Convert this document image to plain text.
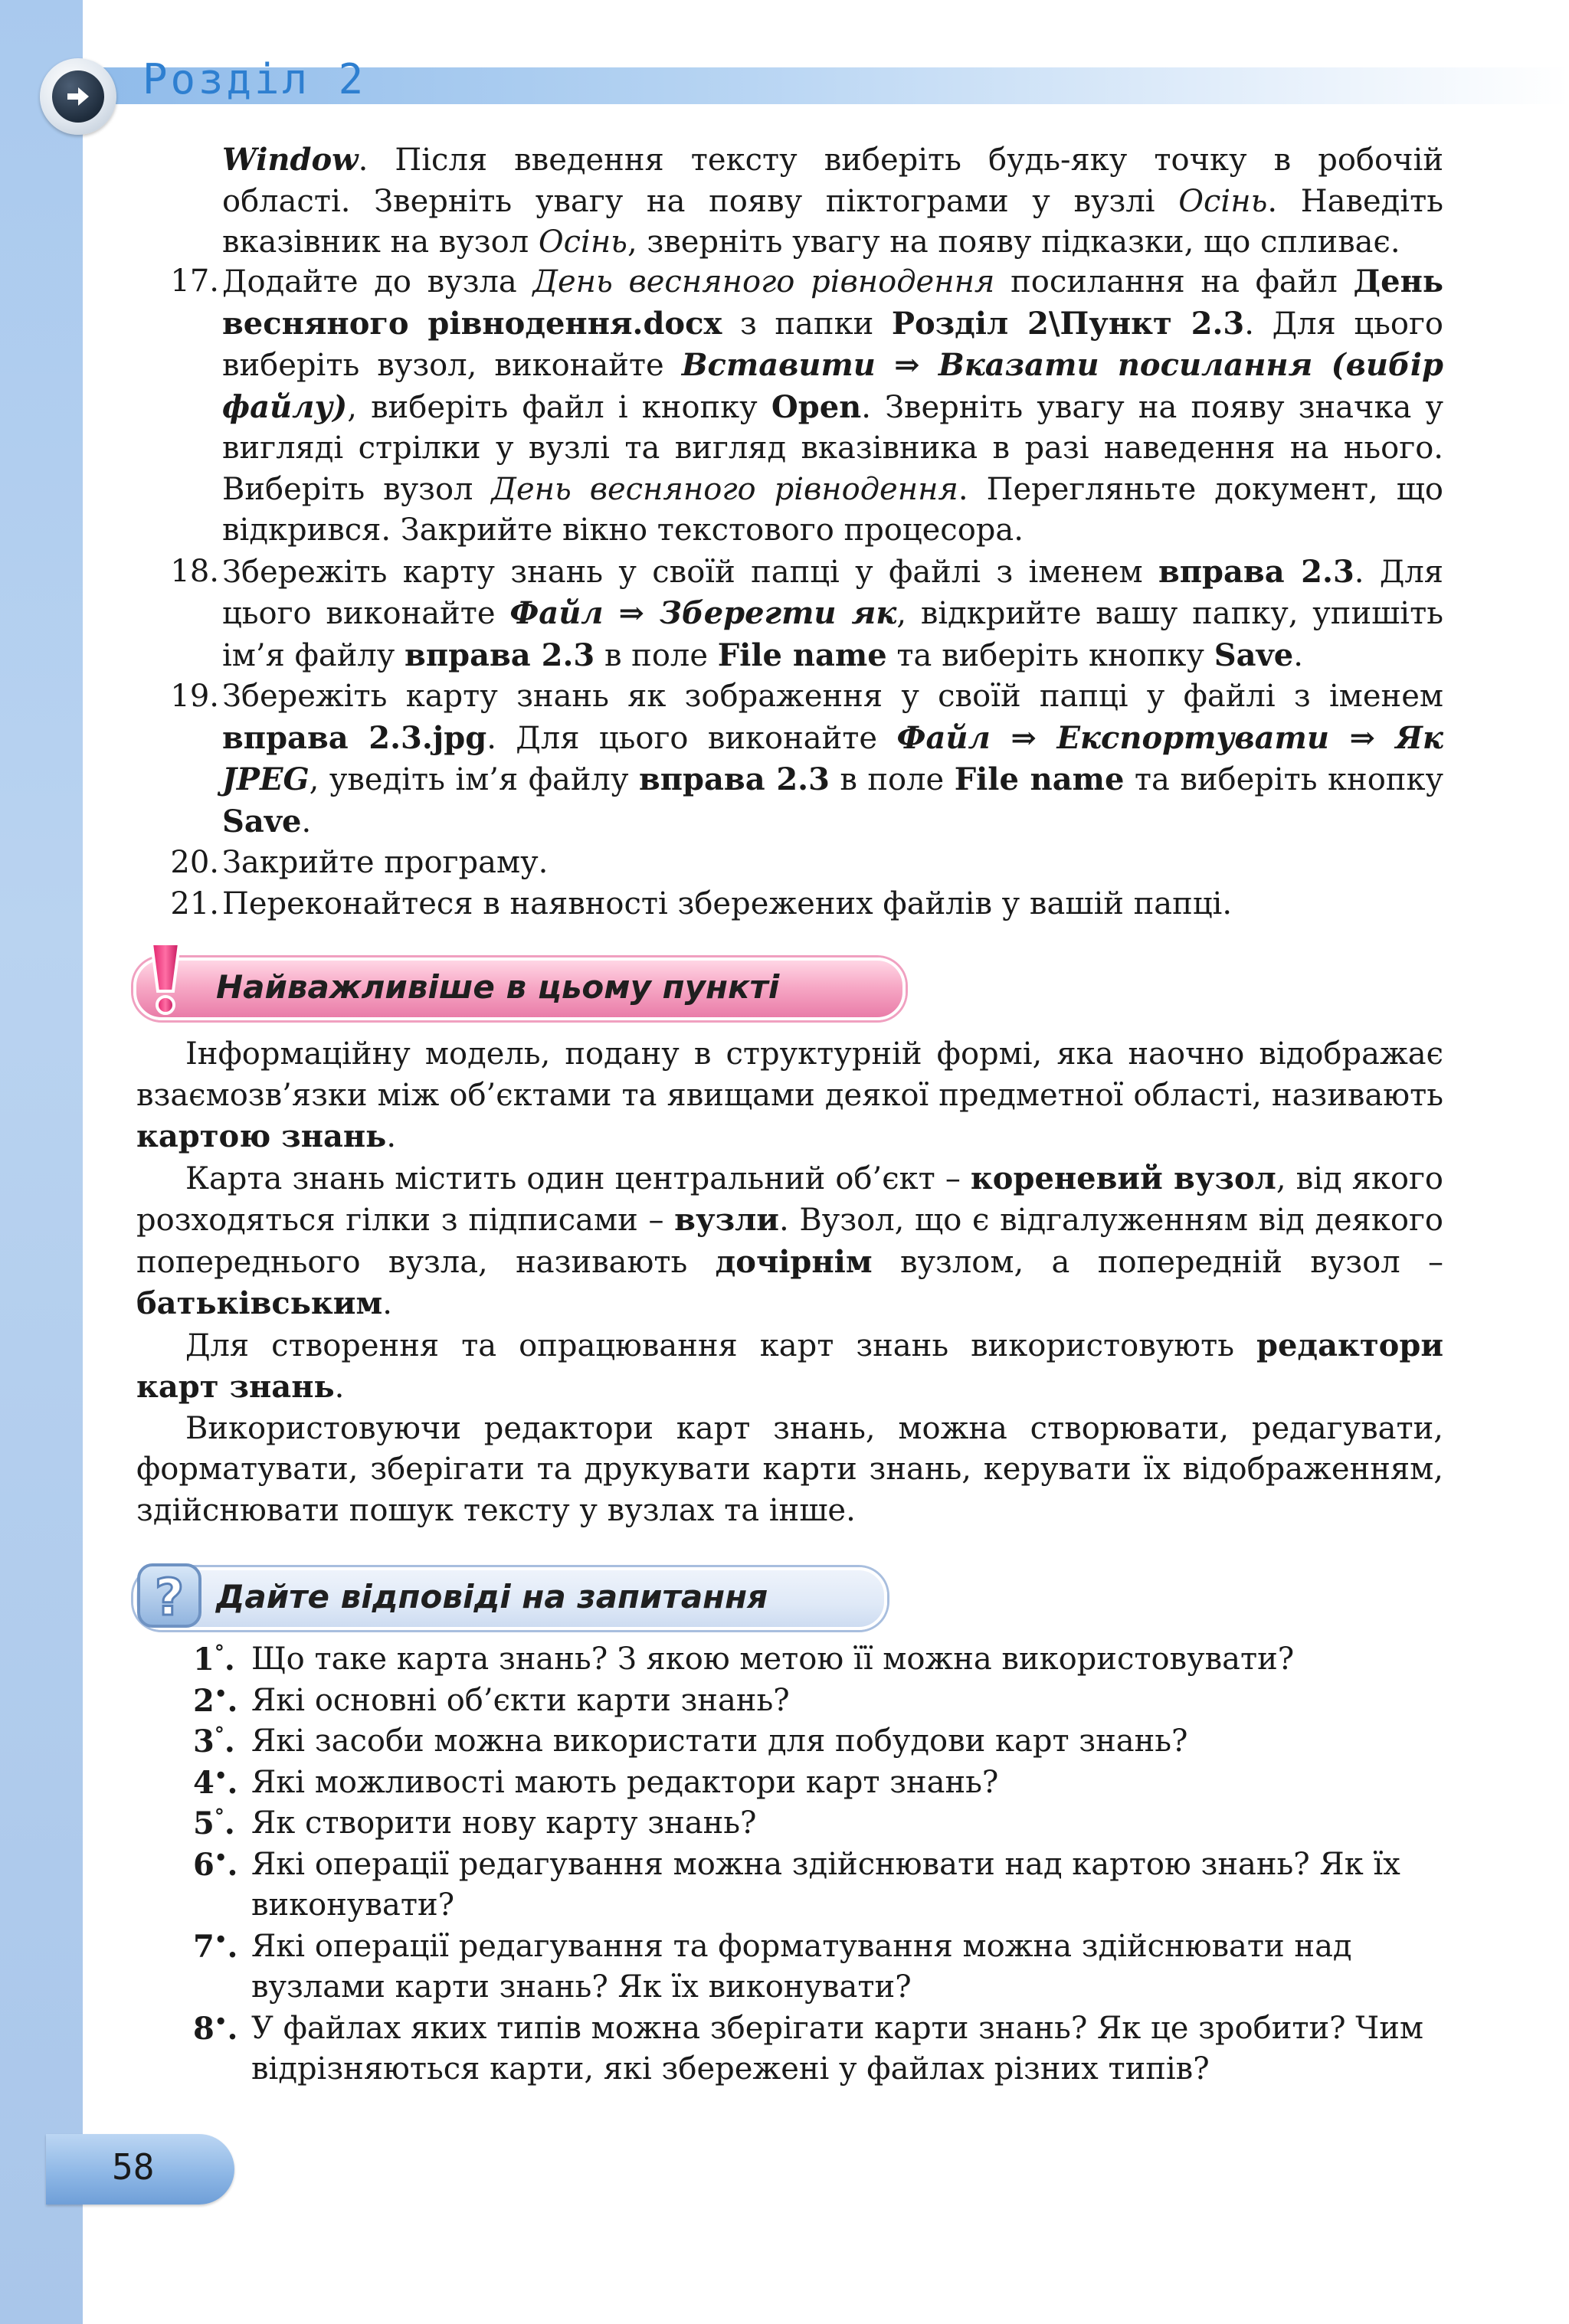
Розділ 2

Window. Після введення тексту виберіть будь-яку точку в робочій області. Зверніть увагу на появу піктограми у вузлі Осінь. Наведіть вказівник на вузол Осінь, зверніть увагу на появу підказки, що спливає.

17. Додайте до вузла День весняного рівнодення посилання на файл День весняного рівнодення.docx з папки Розділ 2\Пункт 2.3. Для цього виберіть вузол, виконайте Вставити ⇒ Вказати посилання (вибір файлу), виберіть файл і кнопку Open. Зверніть увагу на появу значка у вигляді стрілки у вузлі та вигляд вказівника в разі наведення на нього. Виберіть вузол День весняного рівнодення. Перегляньте документ, що відкрився. Закрийте вікно текстового процесора.
18. Збережіть карту знань у своїй папці у файлі з іменем вправа 2.3. Для цього виконайте Файл ⇒ Зберегти як, відкрийте вашу папку, упишіть ім’я файлу вправа 2.3 в поле File name та виберіть кнопку Save.
19. Збережіть карту знань як зображення у своїй папці у файлі з іменем вправа 2.3.jpg. Для цього виконайте Файл ⇒ Експортувати ⇒ Як JPEG, уведіть ім’я файлу вправа 2.3 в поле File name та виберіть кнопку Save.
20. Закрийте програму.
21. Переконайтеся в наявності збережених файлів у вашій папці.

Найважливіше в цьому пункті

Інформаційну модель, подану в структурній формі, яка наочно відображає взаємозв’язки між об’єктами та явищами деякої предметної області, називають картою знань.

Карта знань містить один центральний об’єкт – кореневий вузол, від якого розходяться гілки з підписами – вузли. Вузол, що є відгалуженням від деякого попереднього вузла, називають дочірнім вузлом, а попередній вузол – батьківським.

Для створення та опрацювання карт знань використовують редактори карт знань.

Використовуючи редактори карт знань, можна створювати, редагувати, форматувати, зберігати та друкувати карти знань, керувати їх відображенням, здійснювати пошук тексту у вузлах та інше.

Дайте відповіді на запитання

?
1°. Що таке карта знань? З якою метою її можна використовувати?
2•. Які основні об’єкти карти знань?
3°. Які засоби можна використати для побудови карт знань?
4•. Які можливості мають редактори карт знань?
5°. Як створити нову карту знань?
6•. Які операції редагування можна здійснювати над картою знань? Як їх виконувати?
7•. Які операції редагування та форматування можна здійснювати над вузлами карти знань? Як їх виконувати?
8•. У файлах яких типів можна зберігати карти знань? Як це зробити? Чим відрізняються карти, які збережені у файлах різних типів?

58
